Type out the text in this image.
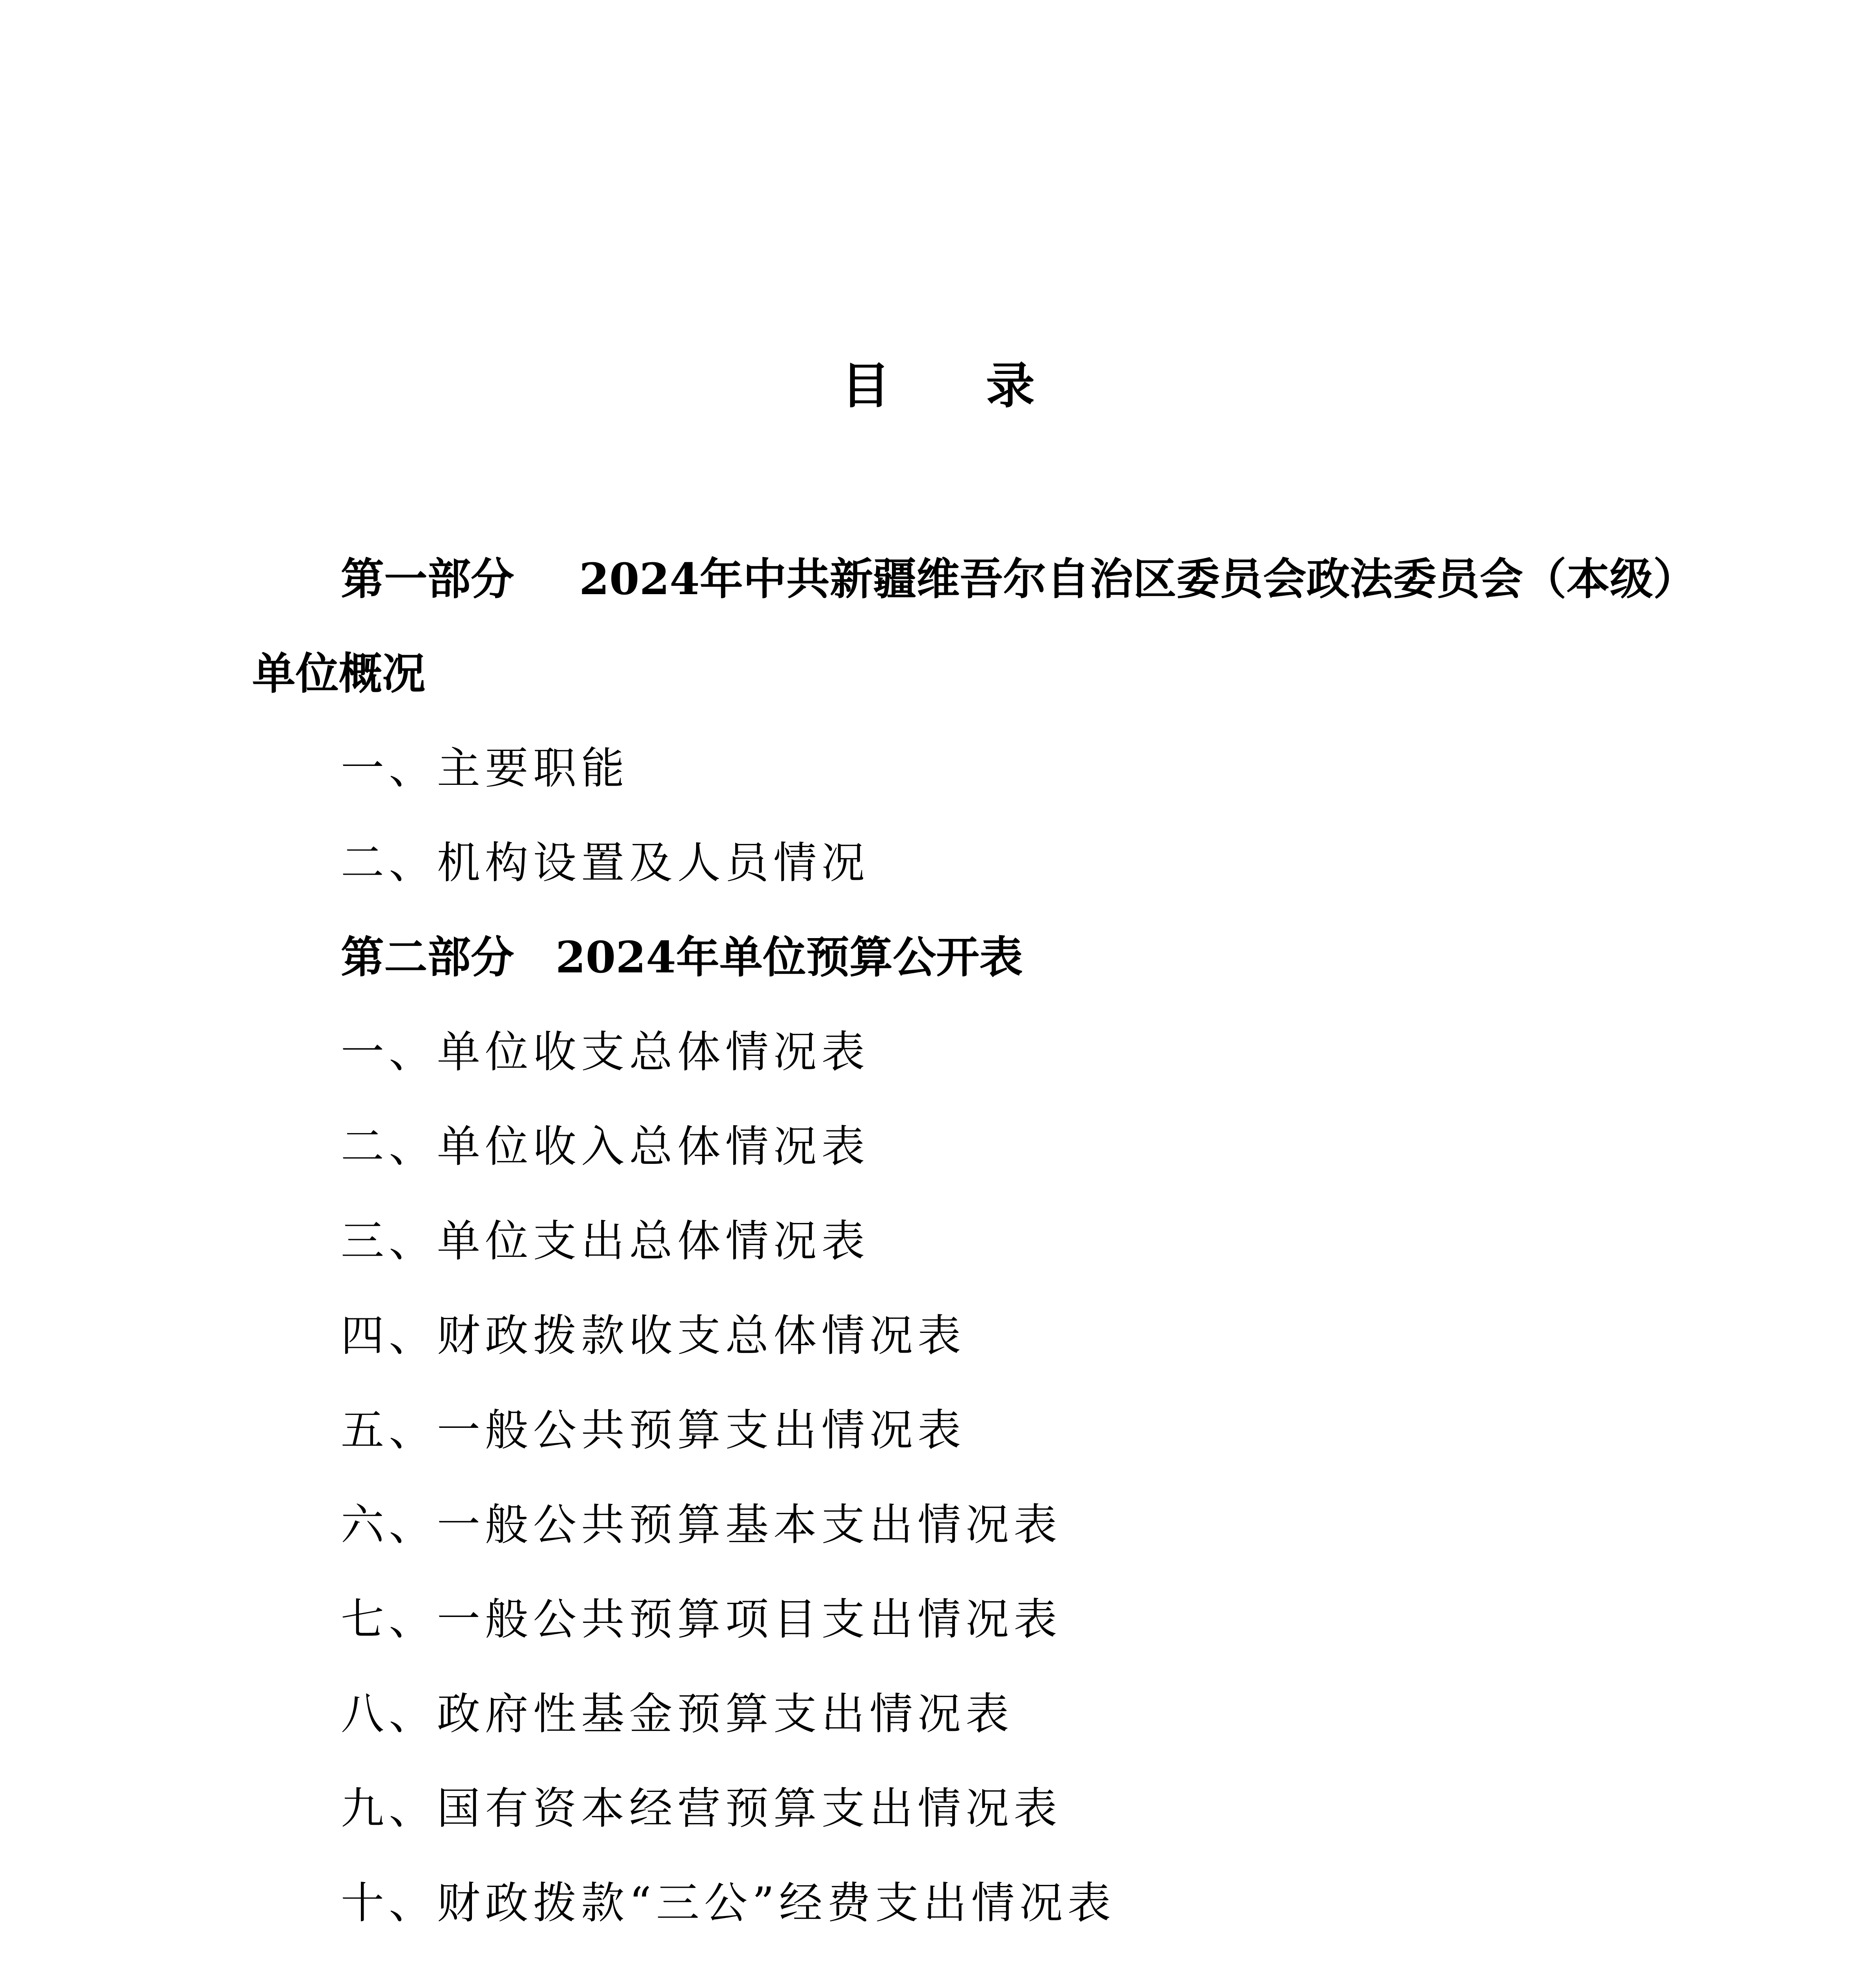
目 录
第一部分 2024年中共新疆维吾尔自治区委员会政法委员会（本级）
单位概况
一、主要职能
二、机构设置及人员情况
第二部分 2024年单位预算公开表
一、单位收支总体情况表
二、单位收入总体情况表
三、单位支出总体情况表
四、财政拨款收支总体情况表
五、一般公共预算支出情况表
六、一般公共预算基本支出情况表
七、一般公共预算项目支出情况表
八、政府性基金预算支出情况表
九、国有资本经营预算支出情况表
十、财政拨款“三公”经费支出情况表
